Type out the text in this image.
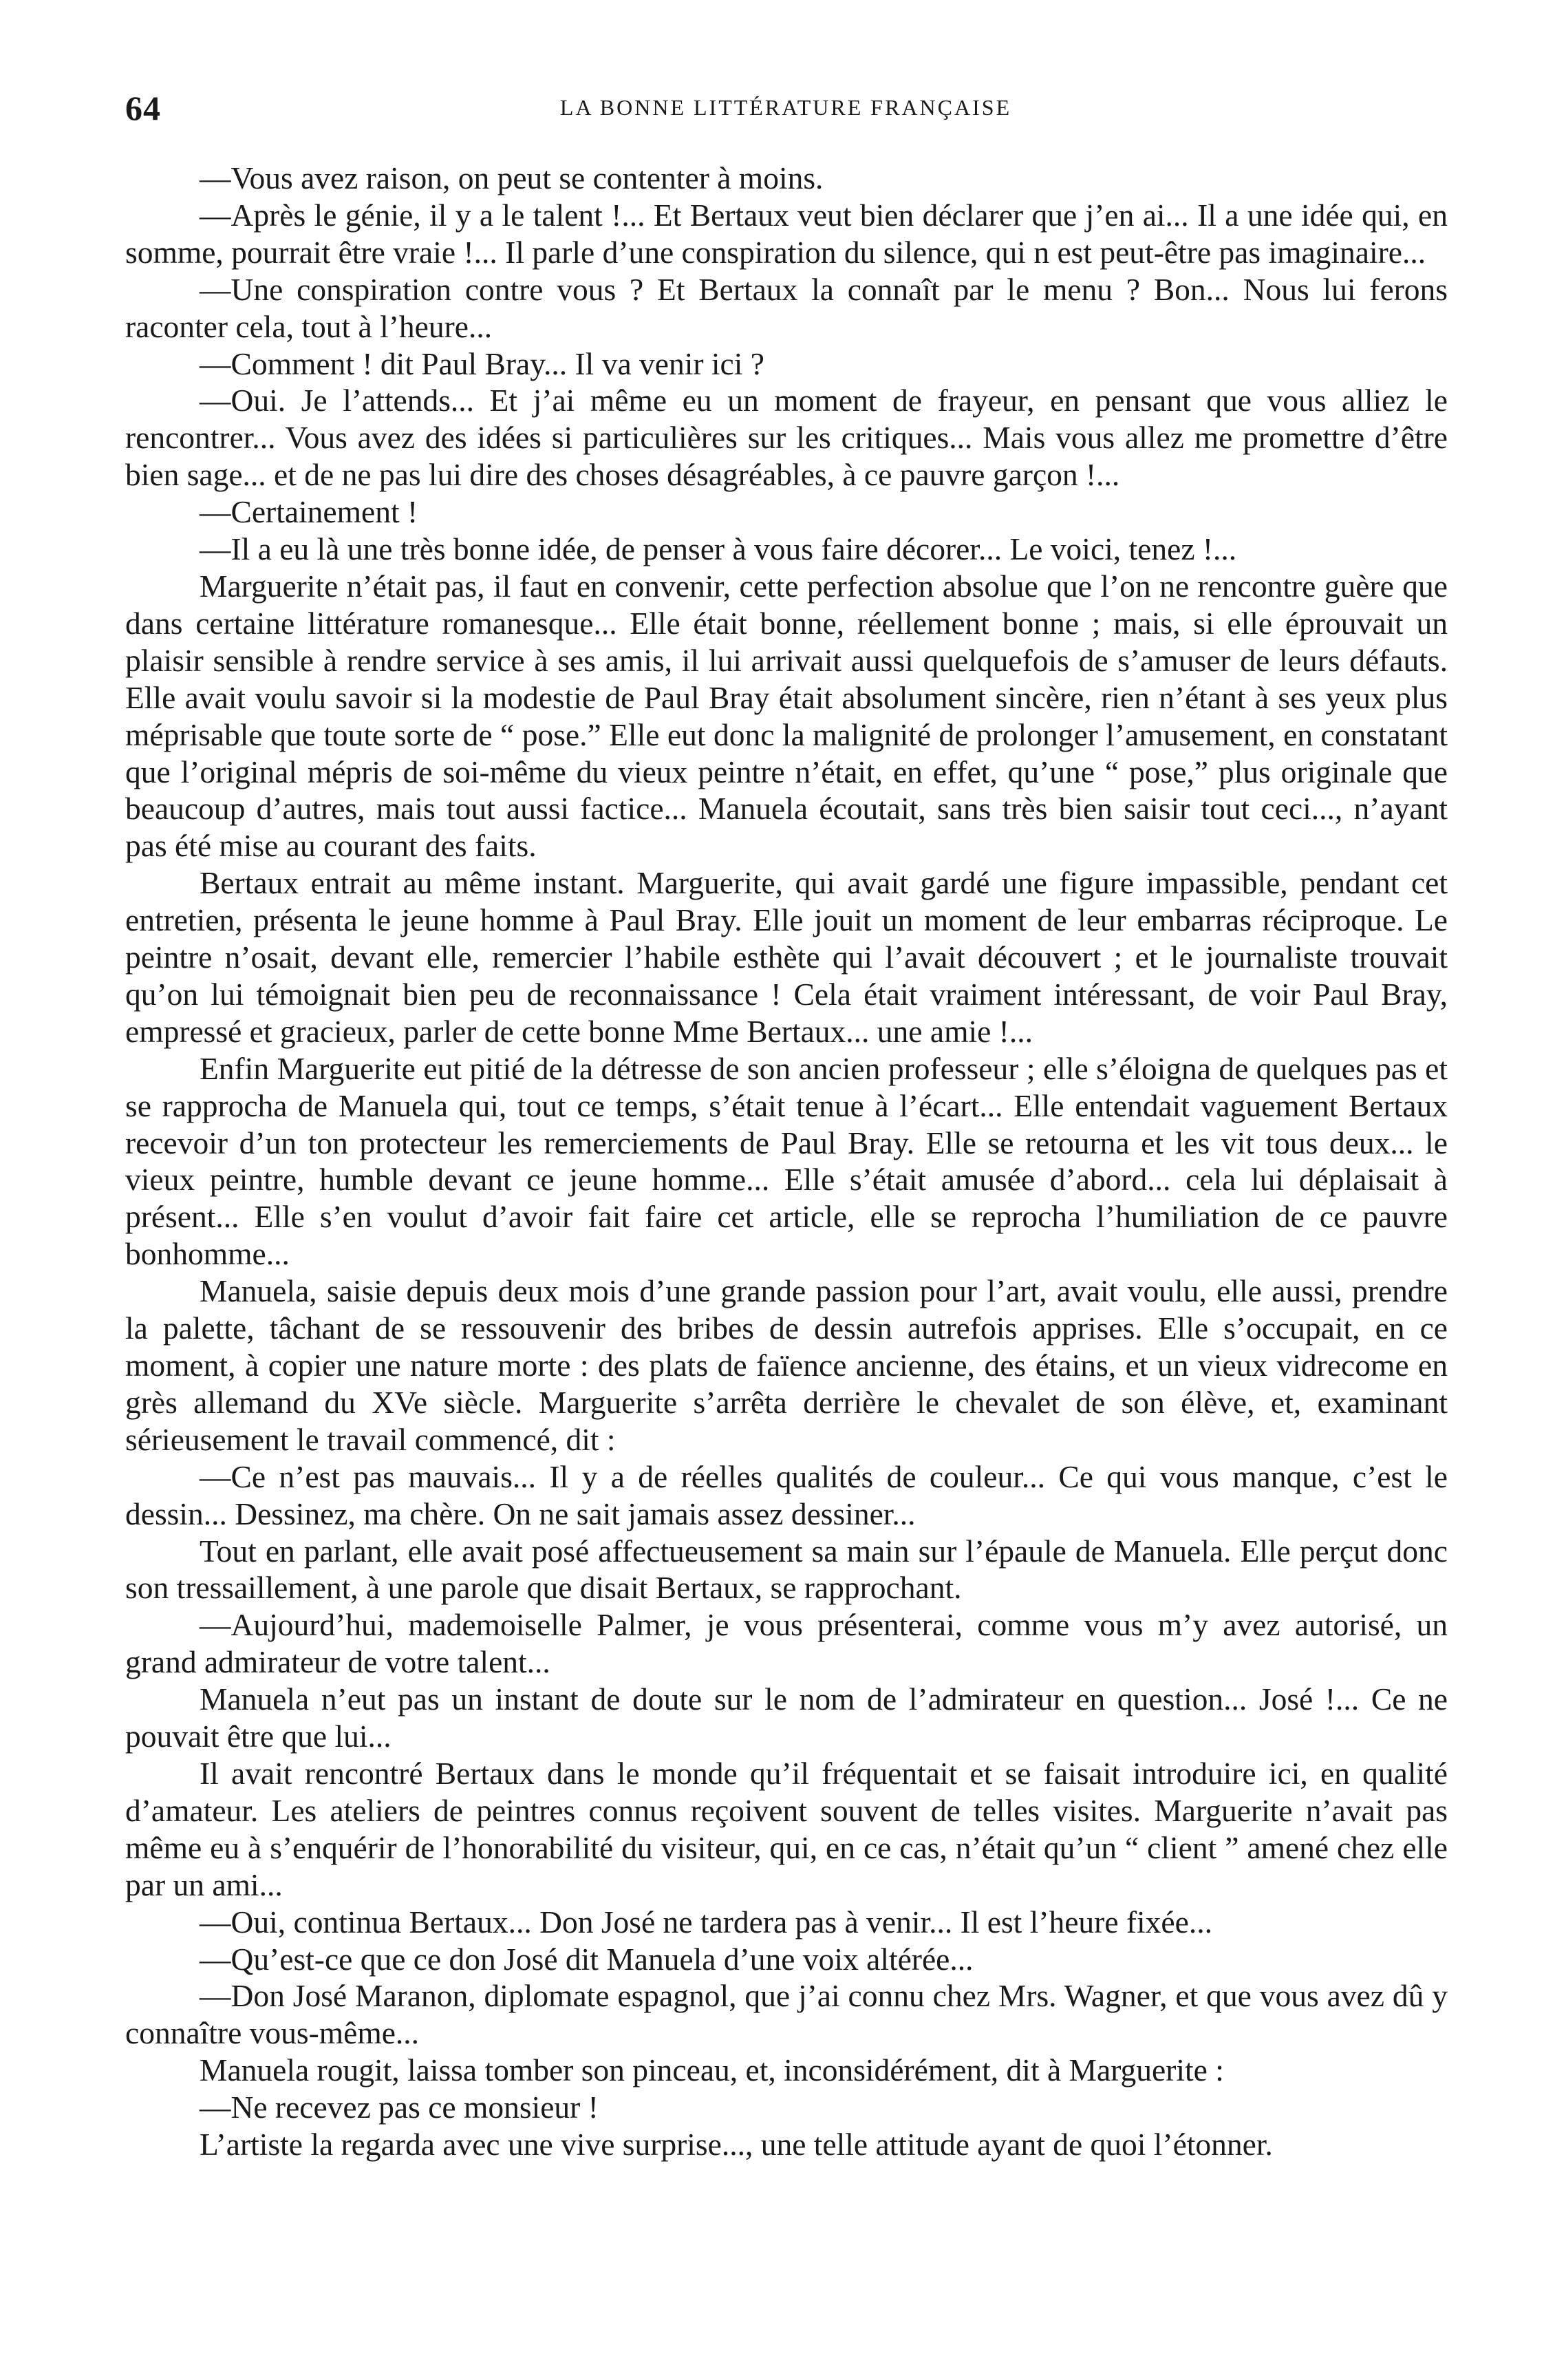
64	LA BONNE LITTÉRATURE FRANÇAISE

—Vous avez raison, on peut se contenter à moins.

—Après le génie, il y a le talent !... Et Bertaux veut bien déclarer que j’en ai... Il a une idée qui, en somme, pourrait être vraie !... Il parle d’une conspiration du silence, qui n est peut-être pas imaginaire...

—Une conspiration contre vous ? Et Bertaux la connaît par le menu ? Bon... Nous lui ferons raconter cela, tout à l’heure...

—Comment ! dit Paul Bray... Il va venir ici ?

—Oui. Je l’attends... Et j’ai même eu un moment de frayeur, en pensant que vous alliez le rencontrer... Vous avez des idées si particulières sur les critiques... Mais vous allez me promettre d’être bien sage... et de ne pas lui dire des choses désagréables, à ce pauvre garçon !...

—Certainement !

—Il a eu là une très bonne idée, de penser à vous faire décorer... Le voici, tenez !...

Marguerite n’était pas, il faut en convenir, cette perfection absolue que l’on ne rencontre guère que dans certaine littérature romanesque... Elle était bonne, réellement bonne ; mais, si elle éprouvait un plaisir sensible à rendre service à ses amis, il lui arrivait aussi quelquefois de s’amuser de leurs défauts. Elle avait voulu savoir si la modestie de Paul Bray était absolument sincère, rien n’étant à ses yeux plus méprisable que toute sorte de “ pose.” Elle eut donc la malignité de prolonger l’amusement, en constatant que l’original mépris de soi-même du vieux peintre n’était, en effet, qu’une “ pose,” plus originale que beaucoup d’autres, mais tout aussi factice... Manuela écoutait, sans très bien saisir tout ceci..., n’ayant pas été mise au courant des faits.

Bertaux entrait au même instant. Marguerite, qui avait gardé une figure impassible, pendant cet entretien, présenta le jeune homme à Paul Bray. Elle jouit un moment de leur embarras réciproque. Le peintre n’osait, devant elle, remercier l’habile esthète qui l’avait découvert ; et le journaliste trouvait qu’on lui témoignait bien peu de reconnaissance ! Cela était vraiment intéressant, de voir Paul Bray, empressé et gracieux, parler de cette bonne Mme Bertaux... une amie !...

Enfin Marguerite eut pitié de la détresse de son ancien professeur ; elle s’éloigna de quelques pas et se rapprocha de Manuela qui, tout ce temps, s’était tenue à l’écart... Elle entendait vaguement Bertaux recevoir d’un ton protecteur les remerciements de Paul Bray. Elle se retourna et les vit tous deux... le vieux peintre, humble devant ce jeune homme... Elle s’était amusée d’abord... cela lui déplaisait à présent... Elle s’en voulut d’avoir fait faire cet article, elle se reprocha l’humiliation de ce pauvre bonhomme...

Manuela, saisie depuis deux mois d’une grande passion pour l’art, avait voulu, elle aussi, prendre la palette, tâchant de se ressouvenir des bribes de dessin autrefois apprises. Elle s’occupait, en ce moment, à copier une nature morte : des plats de faïence ancienne, des étains, et un vieux vidrecome en grès allemand du XVe siècle. Marguerite s’arrêta derrière le chevalet de son élève, et, examinant sérieusement le travail commencé, dit :

—Ce n’est pas mauvais... Il y a de réelles qualités de couleur... Ce qui vous manque, c’est le dessin... Dessinez, ma chère. On ne sait jamais assez dessiner...

Tout en parlant, elle avait posé affectueusement sa main sur l’épaule de Manuela. Elle perçut donc son tressaillement, à une parole que disait Bertaux, se rapprochant.

—Aujourd’hui, mademoiselle Palmer, je vous présenterai, comme vous m’y avez autorisé, un grand admirateur de votre talent...

Manuela n’eut pas un instant de doute sur le nom de l’admirateur en question... José !... Ce ne pouvait être que lui...

Il avait rencontré Bertaux dans le monde qu’il fréquentait et se faisait introduire ici, en qualité d’amateur. Les ateliers de peintres connus reçoivent souvent de telles visites. Marguerite n’avait pas même eu à s’enquérir de l’honorabilité du visiteur, qui, en ce cas, n’était qu’un “ client ” amené chez elle par un ami...

—Oui, continua Bertaux... Don José ne tardera pas à venir... Il est l’heure fixée...

—Qu’est-ce que ce don José dit Manuela d’une voix altérée...

—Don José Maranon, diplomate espagnol, que j’ai connu chez Mrs. Wagner, et que vous avez dû y connaître vous-même...

Manuela rougit, laissa tomber son pinceau, et, inconsidérément, dit à Marguerite :

—Ne recevez pas ce monsieur !

L’artiste la regarda avec une vive surprise..., une telle attitude ayant de quoi l’étonner.
